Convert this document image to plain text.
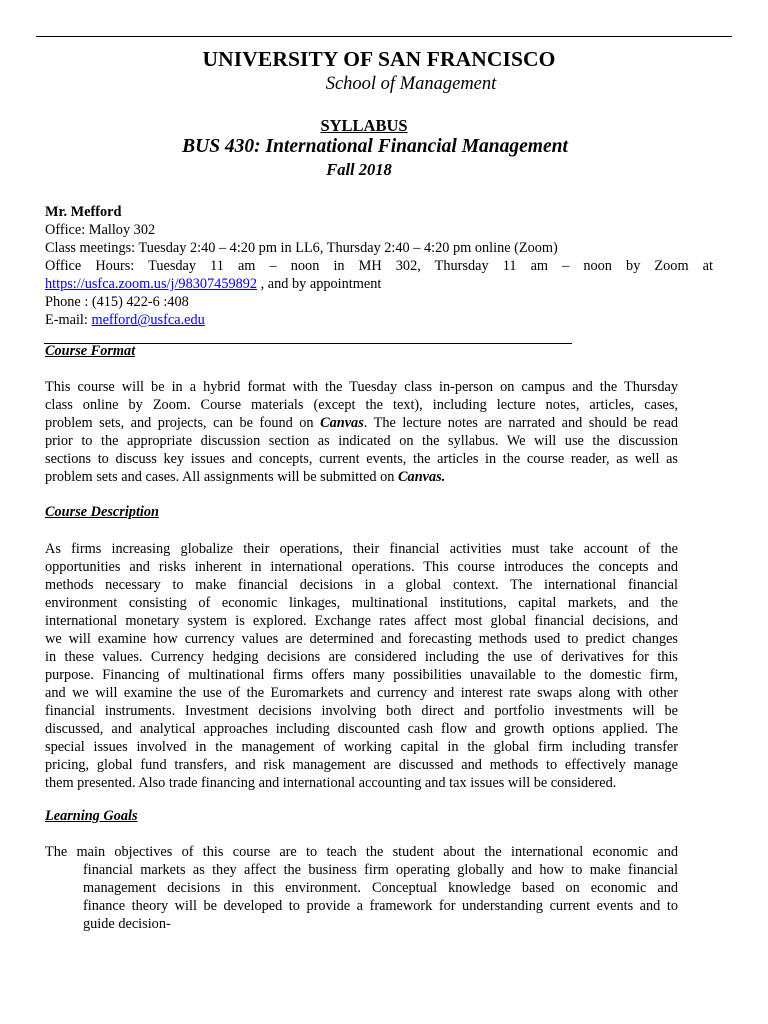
UNIVERSITY OF SAN FRANCISCO
School of Management
SYLLABUS
BUS 430: International Financial Management
Fall 2018
Mr. Mefford
Office: Malloy 302
Class meetings: Tuesday 2:40 – 4:20 pm in LL6, Thursday 2:40 – 4:20 pm online (Zoom)
Office Hours: Tuesday 11 am – noon in MH 302, Thursday 11 am – noon by Zoom at
https://usfca.zoom.us/j/98307459892 , and by appointment
Phone : (415) 422-6 :408
E-mail: mefford@usfca.edu
Course Format
This course will be in a hybrid format with the Tuesday class in-person on campus and the Thursday
class online by Zoom. Course materials (except the text), including lecture notes, articles, cases,
problem sets, and projects, can be found on Canvas. The lecture notes are narrated and should be read
prior to the appropriate discussion section as indicated on the syllabus. We will use the discussion
sections to discuss key issues and concepts, current events, the articles in the course reader, as well as
problem sets and cases. All assignments will be submitted on Canvas.
Course Description
As firms increasing globalize their operations, their financial activities must take account of the
opportunities and risks inherent in international operations. This course introduces the concepts and
methods necessary to make financial decisions in a global context. The international financial
environment consisting of economic linkages, multinational institutions, capital markets, and the
international monetary system is explored. Exchange rates affect most global financial decisions, and
we will examine how currency values are determined and forecasting methods used to predict changes
in these values. Currency hedging decisions are considered including the use of derivatives for this
purpose. Financing of multinational firms offers many possibilities unavailable to the domestic firm,
and we will examine the use of the Euromarkets and currency and interest rate swaps along with other
financial instruments. Investment decisions involving both direct and portfolio investments will be
discussed, and analytical approaches including discounted cash flow and growth options applied. The
special issues involved in the management of working capital in the global firm including transfer
pricing, global fund transfers, and risk management are discussed and methods to effectively manage
them presented. Also trade financing and international accounting and tax issues will be considered.
Learning Goals
The main objectives of this course are to teach the student about the international economic and
financial markets as they affect the business firm operating globally and how to make financial
management decisions in this environment. Conceptual knowledge based on economic and
finance theory will be developed to provide a framework for understanding current events and to
guide decision-
